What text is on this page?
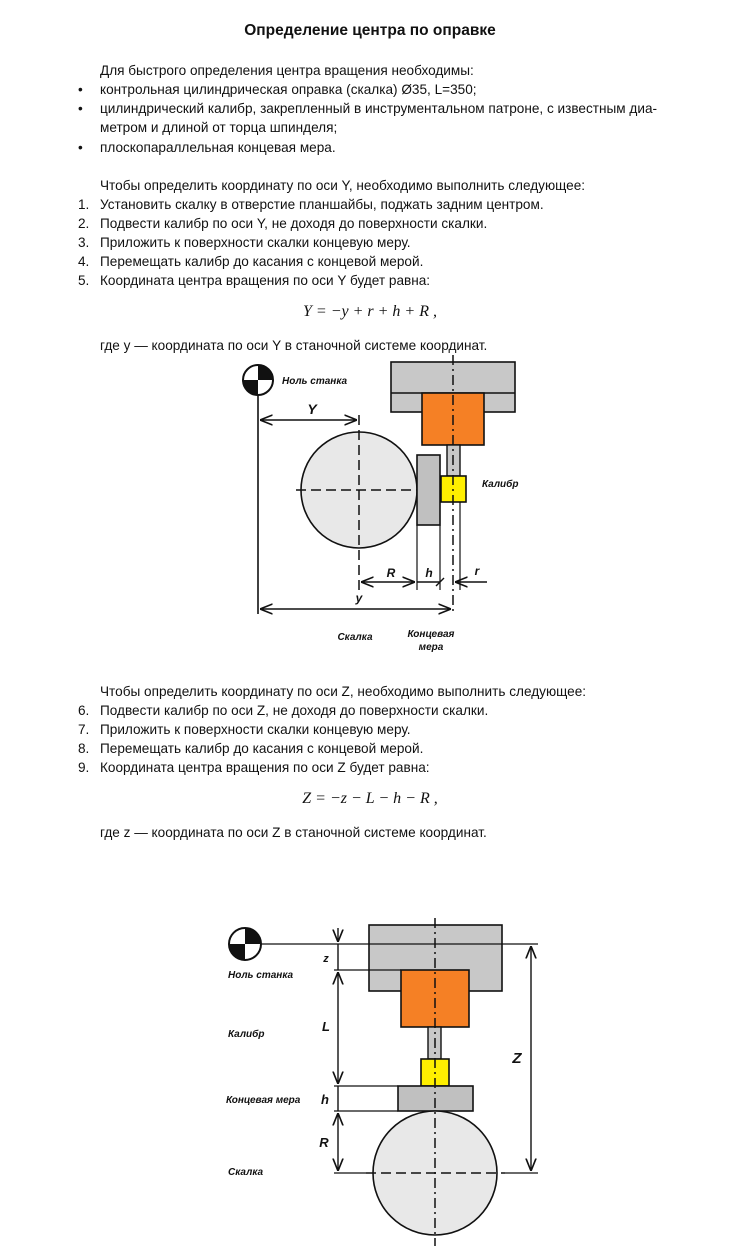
Определение центра по оправке
Для быстрого определения центра вращения необходимы:
•	контрольная цилиндрическая оправка (скалка) Ø35, L=350;
•	цилиндрический калибр, закрепленный в инструментальном патроне, с известным диа-
метром и длиной от торца шпинделя;
•	плоскопараллельная концевая мера.
Чтобы определить координату по оси Y, необходимо выполнить следующее:
1. Установить скалку в отверстие планшайбы, поджать задним центром.
2. Подвести калибр по оси Y, не доходя до поверхности скалки.
3. Приложить к поверхности скалки концевую меру.
4. Перемещать калибр до касания с концевой мерой.
5. Координата центра вращения по оси Y будет равна:
Y = −y + r + h + R ,
где y — координата по оси Y в станочной системе координат.
Чтобы определить координату по оси Z, необходимо выполнить следующее:
6. Подвести калибр по оси Z, не доходя до поверхности скалки.
7. Приложить к поверхности скалки концевую меру.
8. Перемещать калибр до касания с концевой мерой.
9. Координата центра вращения по оси Z будет равна:
Z = −z − L − h − R ,
где z — координата по оси Z в станочной системе координат.
Ноль станка
Y
Калибр
R h	r
y
Скалка	Концевая
мера
Ноль станка
z
L
h
R
Z
Калибр
Концевая мера
Скалка
